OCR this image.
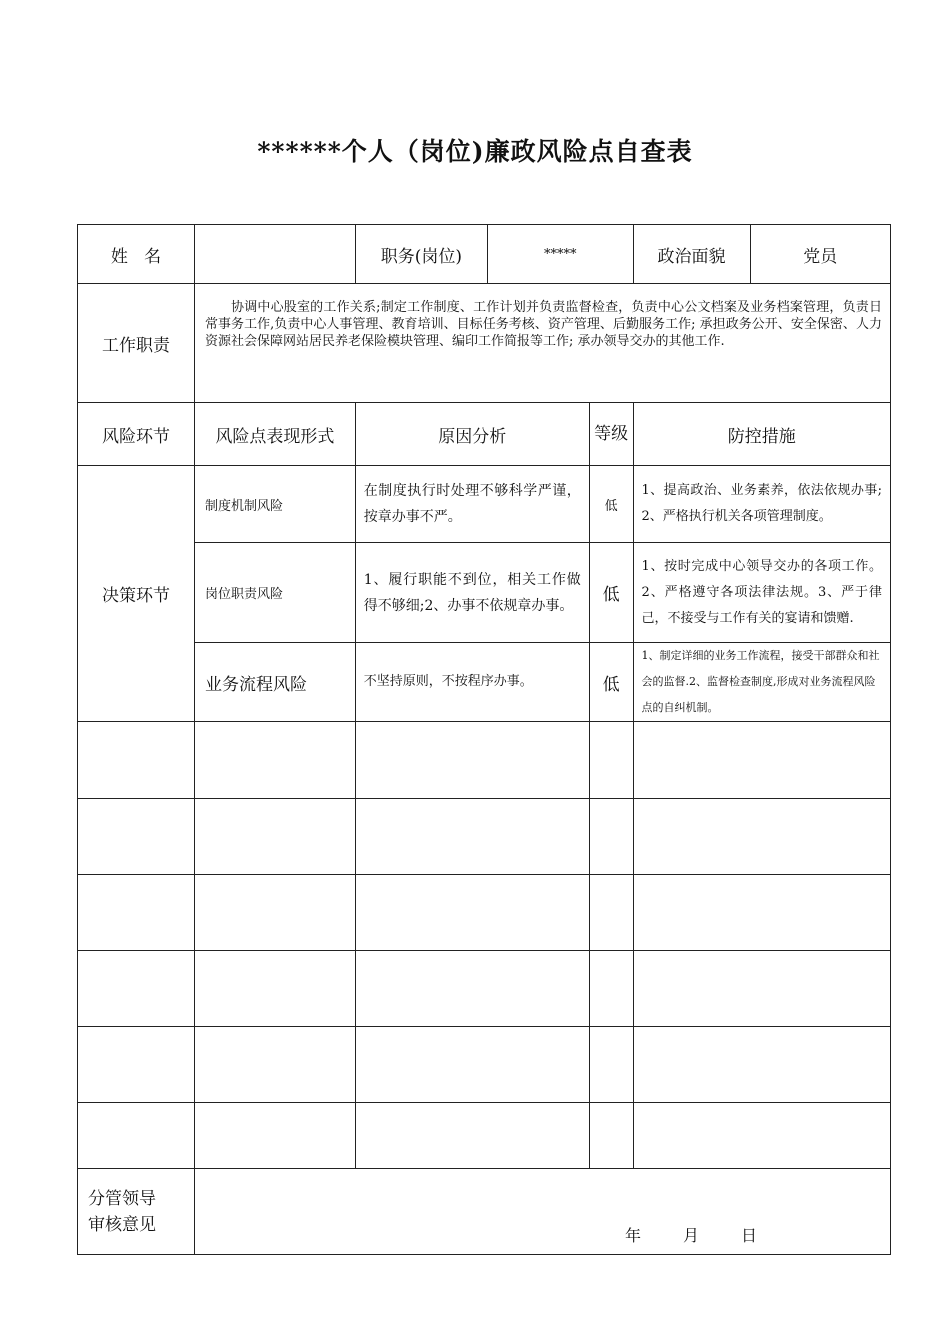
******个人（岗位)廉政风险点自查表
姓   名		职务(岗位)	*****		政治面貌	党员
工作职责	协调中心股室的工作关系;制定工作制度、工作计划并负责监督检查，负责中心公文档案及业务档案管理，负责日常事务工作,负责中心人事管理、教育培训、目标任务考核、资产管理、后勤服务工作; 承担政务公开、安全保密、人力资源社会保障网站居民养老保险模块管理、编印工作简报等工作; 承办领导交办的其他工作.					
风险环节	风险点表现形式	原因分析		等级	防控措施	
决策环节	制度机制风险	在制度执行时处理不够科学严谨，按章办事不严。		低	1、提高政治、业务素养，依法依规办事; 2、严格执行机关各项管理制度。	
	岗位职责风险	1、履行职能不到位，相关工作做得不够细;2、办事不依规章办事。		低	1、按时完成中心领导交办的各项工作。2、严格遵守各项法律法规。3、严于律己，不接受与工作有关的宴请和馈赠.	
	业务流程风险	不坚持原则，不按程序办事。		低	1、制定详细的业务工作流程，接受干部群众和社会的监督.2、监督检查制度,形成对业务流程风险点的自纠机制。	

分管领导审核意见	年 月 日					
